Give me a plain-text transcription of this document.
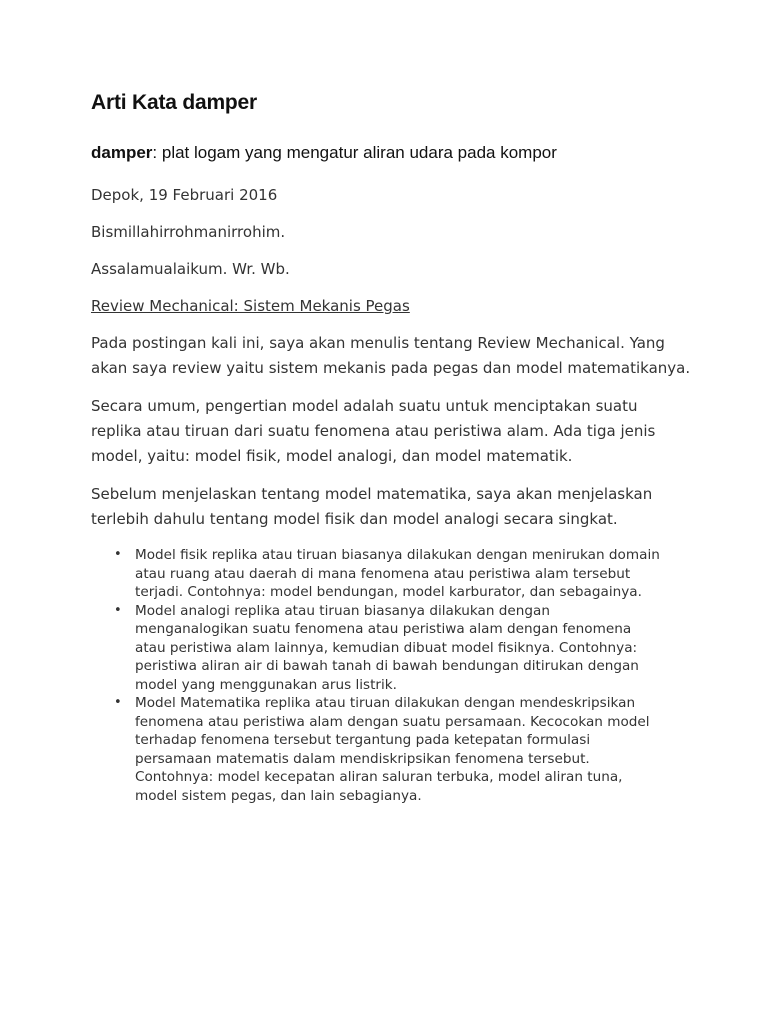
Arti Kata damper

damper: plat logam yang mengatur aliran udara pada kompor

Depok, 19 Februari 2016

Bismillahirrohmanirrohim.

Assalamualaikum. Wr. Wb.

Review Mechanical: Sistem Mekanis Pegas

Pada postingan kali ini, saya akan menulis tentang Review Mechanical. Yang akan saya review yaitu sistem mekanis pada pegas dan model matematikanya.

Secara umum, pengertian model adalah suatu untuk menciptakan suatu replika atau tiruan dari suatu fenomena atau peristiwa alam. Ada tiga jenis model, yaitu: model fisik, model analogi, dan model matematik.

Sebelum menjelaskan tentang model matematika, saya akan menjelaskan terlebih dahulu tentang model fisik dan model analogi secara singkat.

• Model fisik replika atau tiruan biasanya dilakukan dengan menirukan domain atau ruang atau daerah di mana fenomena atau peristiwa alam tersebut terjadi. Contohnya: model bendungan, model karburator, dan sebagainya.
• Model analogi replika atau tiruan biasanya dilakukan dengan menganalogikan suatu fenomena atau peristiwa alam dengan fenomena atau peristiwa alam lainnya, kemudian dibuat model fisiknya. Contohnya: peristiwa aliran air di bawah tanah di bawah bendungan ditirukan dengan model yang menggunakan arus listrik.
• Model Matematika replika atau tiruan dilakukan dengan mendeskripsikan fenomena atau peristiwa alam dengan suatu persamaan. Kecocokan model terhadap fenomena tersebut tergantung pada ketepatan formulasi persamaan matematis dalam mendiskripsikan fenomena tersebut. Contohnya: model kecepatan aliran saluran terbuka, model aliran tuna, model sistem pegas, dan lain sebagianya.
